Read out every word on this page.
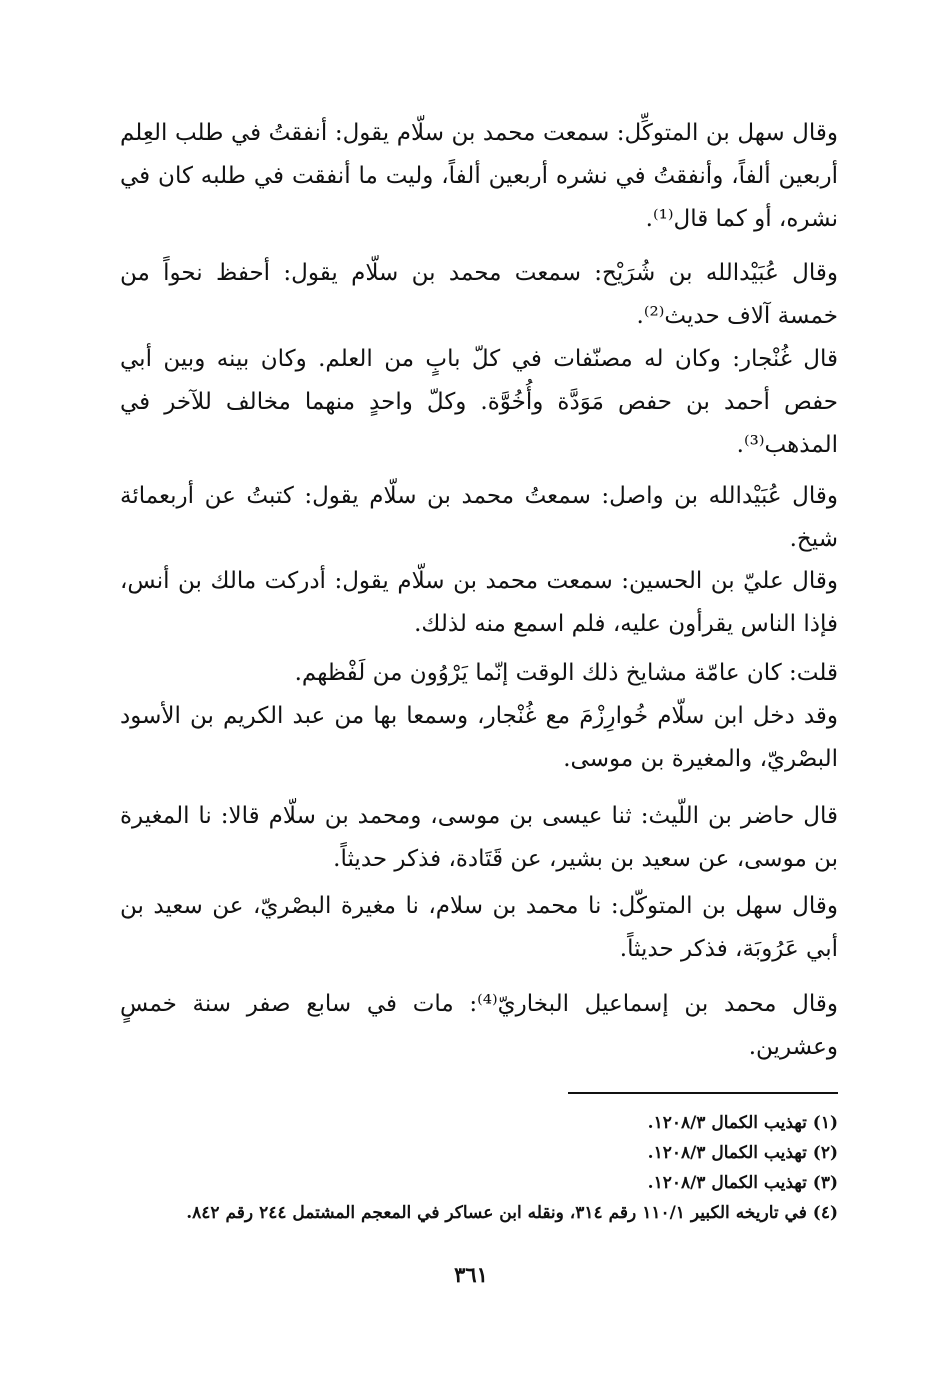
وقال سهل بن المتوكِّل: سمعت محمد بن سلّام يقول: أنفقتُ في طلب العِلم أربعين ألفاً، وأنفقتُ في نشره أربعين ألفاً، وليت ما أنفقت في طلبه كان في نشره، أو كما قال⁽¹⁾.

وقال عُبَيْدالله بن شُرَيْح: سمعت محمد بن سلّام يقول: أحفظ نحواً من خمسة آلاف حديث⁽²⁾.

قال غُنْجار: وكان له مصنّفات في كلّ بابٍ من العلم. وكان بينه وبين أبي حفص أحمد بن حفص مَوَدَّة وأُخُوَّة. وكلّ واحدٍ منهما مخالف للآخر في المذهب⁽³⁾.

وقال عُبَيْدالله بن واصل: سمعتُ محمد بن سلّام يقول: كتبتُ عن أربعمائة شيخ.

وقال عليّ بن الحسين: سمعت محمد بن سلّام يقول: أدركت مالك بن أنس، فإذا الناس يقرأون عليه، فلم اسمع منه لذلك.

قلت: كان عامّة مشايخ ذلك الوقت إنّما يَرْوُون من لَفْظهم.

وقد دخل ابن سلّام خُوارِزْمَ مع غُنْجار، وسمعا بها من عبد الكريم بن الأسود البصْريّ، والمغيرة بن موسى.

قال حاضر بن اللّيث: ثنا عيسى بن موسى، ومحمد بن سلّام قالا: نا المغيرة بن موسى، عن سعيد بن بشير، عن قَتَادة، فذكر حديثاً.

وقال سهل بن المتوكّل: نا محمد بن سلام، نا مغيرة البصْريّ، عن سعيد بن أبي عَرُوبَة، فذكر حديثاً.

وقال محمد بن إسماعيل البخاريّ⁽⁴⁾: مات في سابع صفر سنة خمسٍ وعشرين.

(١) تهذيب الكمال ١٢٠٨/٣.

(٢) تهذيب الكمال ١٢٠٨/٣.

(٣) تهذيب الكمال ١٢٠٨/٣.

(٤) في تاريخه الكبير ١١٠/١ رقم ٣١٤، ونقله ابن عساكر في المعجم المشتمل ٢٤٤ رقم ٨٤٢.

٣٦١
